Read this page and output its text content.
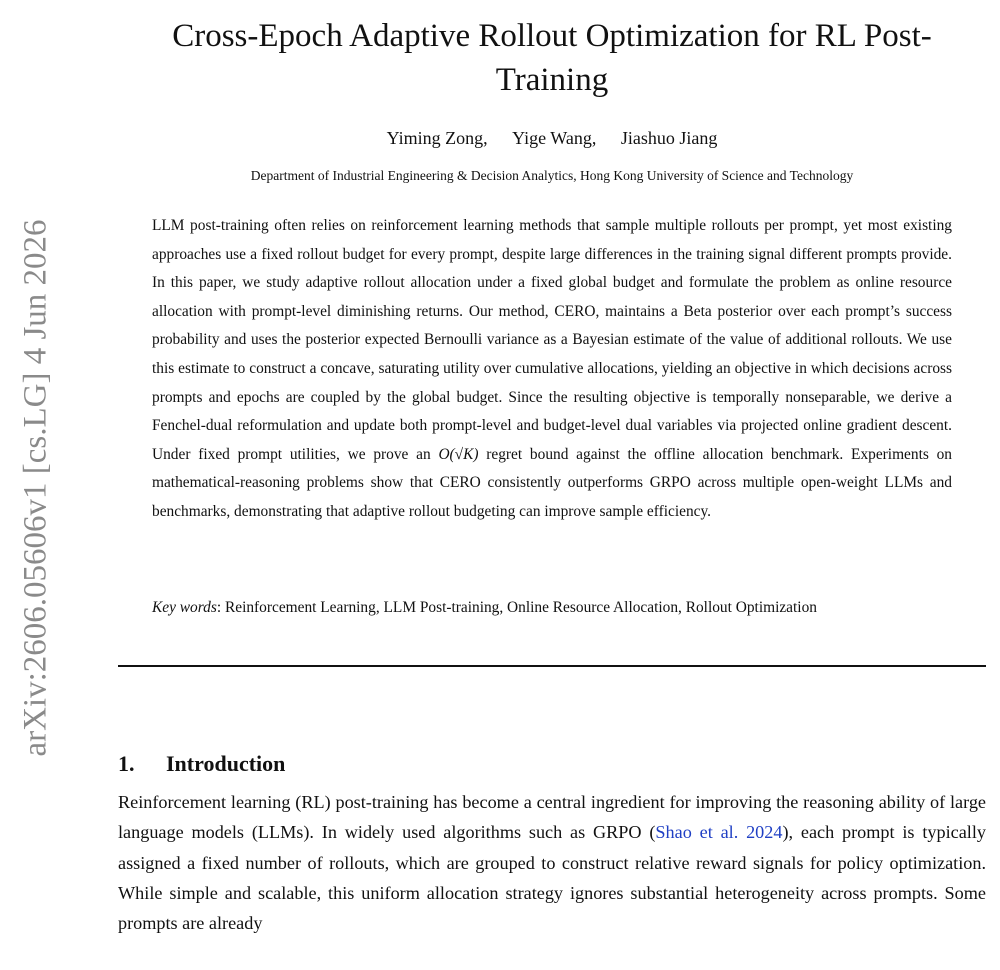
arXiv:2606.05606v1 [cs.LG] 4 Jun 2026
Cross-Epoch Adaptive Rollout Optimization for RL Post-Training
Yiming Zong, Yige Wang, Jiashuo Jiang
Department of Industrial Engineering & Decision Analytics, Hong Kong University of Science and Technology

LLM post-training often relies on reinforcement learning methods that sample multiple rollouts per prompt, yet most existing approaches use a fixed rollout budget for every prompt, despite large differences in the training signal different prompts provide. In this paper, we study adaptive rollout allocation under a fixed global budget and formulate the problem as online resource allocation with prompt-level diminishing returns. Our method, CERO, maintains a Beta posterior over each prompt’s success probability and uses the posterior expected Bernoulli variance as a Bayesian estimate of the value of additional rollouts. We use this estimate to construct a concave, saturating utility over cumulative allocations, yielding an objective in which decisions across prompts and epochs are coupled by the global budget. Since the resulting objective is temporally nonseparable, we derive a Fenchel-dual reformulation and update both prompt-level and budget-level dual variables via projected online gradient descent. Under fixed prompt utilities, we prove an O(√K) regret bound against the offline allocation benchmark. Experiments on mathematical-reasoning problems show that CERO consistently outperforms GRPO across multiple open-weight LLMs and benchmarks, demonstrating that adaptive rollout budgeting can improve sample efficiency.

Key words: Reinforcement Learning, LLM Post-training, Online Resource Allocation, Rollout Optimization
1. Introduction

Reinforcement learning (RL) post-training has become a central ingredient for improving the reasoning ability of large language models (LLMs). In widely used algorithms such as GRPO (Shao et al. 2024), each prompt is typically assigned a fixed number of rollouts, which are grouped to construct relative reward signals for policy optimization. While simple and scalable, this uniform allocation strategy ignores substantial heterogeneity across prompts. Some prompts are already
